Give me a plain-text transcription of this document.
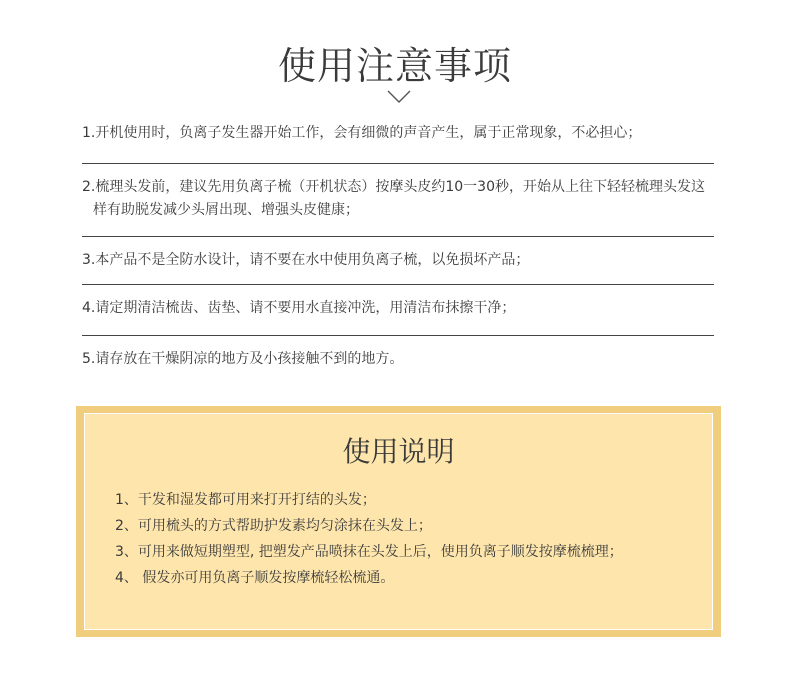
使用注意事项
1.开机使用时，负离子发生器开始工作，会有细微的声音产生，属于正常现象，不必担心；
2.梳理头发前，建议先用负离子梳（开机状态）按摩头皮约10一30秒，开始从上往下轻轻梳理头发这样有助脱发减少头屑出现、增强头皮健康；
3.本产品不是全防水设计，请不要在水中使用负离子梳，以免损坏产品；
4.请定期清洁梳齿、齿垫、请不要用水直接冲洗，用清洁布抹擦干净；
5.请存放在干燥阴凉的地方及小孩接触不到的地方。
使用说明
1、干发和湿发都可用来打开打结的头发；
2、可用梳头的方式帮助护发素均匀涂抹在头发上；
3、可用来做短期塑型, 把塑发产品喷抹在头发上后，使用负离子顺发按摩梳梳理；
4、 假发亦可用负离子顺发按摩梳轻松梳通。
